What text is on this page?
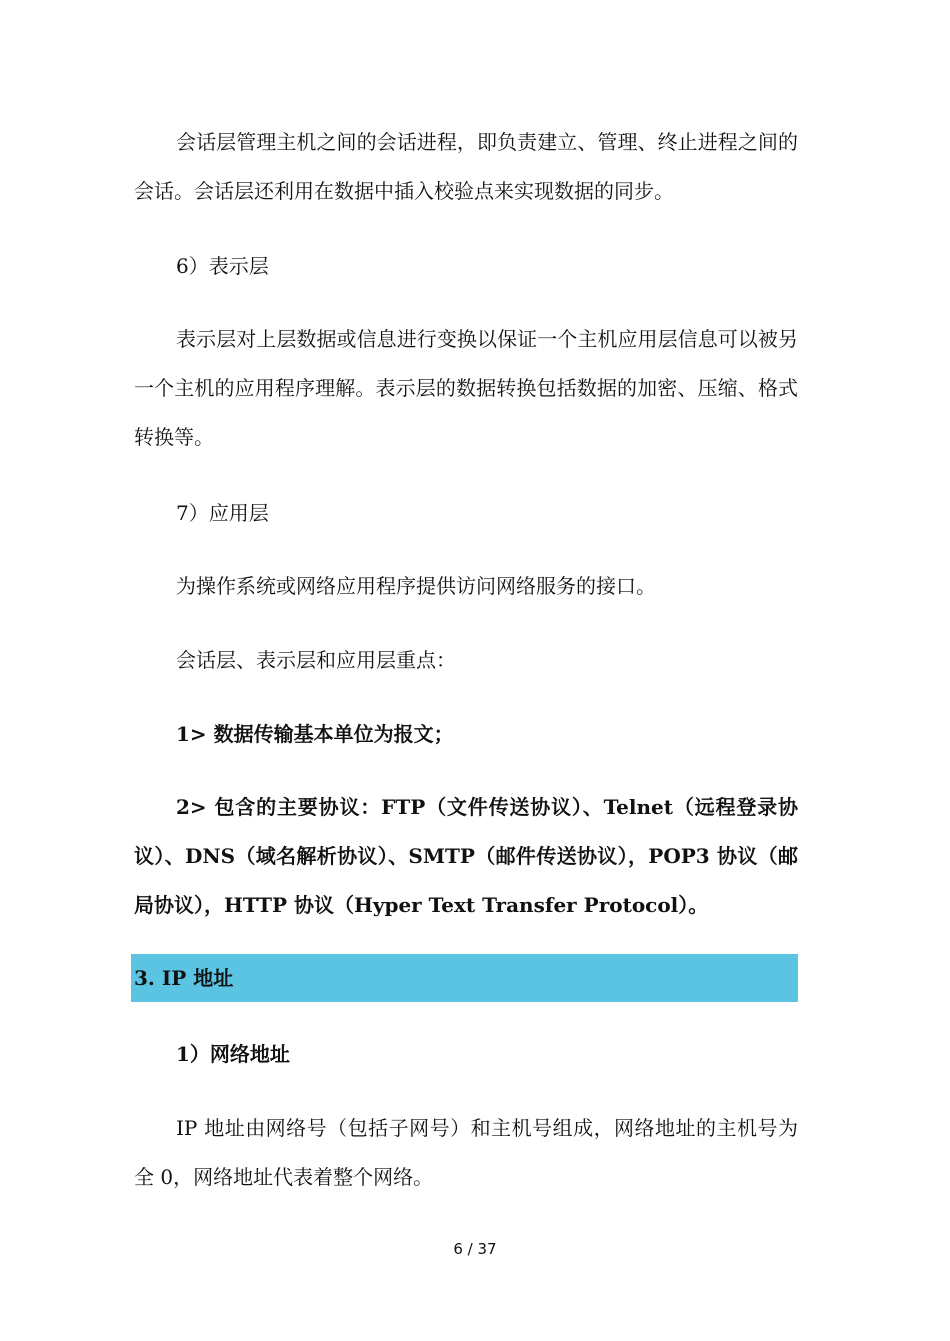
会话层管理主机之间的会话进程，即负责建立、管理、终止进程之间的会话。会话层还利用在数据中插入校验点来实现数据的同步。

6）表示层

表示层对上层数据或信息进行变换以保证一个主机应用层信息可以被另一个主机的应用程序理解。表示层的数据转换包括数据的加密、压缩、格式转换等。

7）应用层

为操作系统或网络应用程序提供访问网络服务的接口。

会话层、表示层和应用层重点：

1> 数据传输基本单位为报文；

2> 包含的主要协议：FTP（文件传送协议）、Telnet（远程登录协议）、DNS（域名解析协议）、SMTP（邮件传送协议），POP3 协议（邮局协议），HTTP 协议（Hyper Text Transfer Protocol）。

3. IP 地址

1）网络地址

IP 地址由网络号（包括子网号）和主机号组成，网络地址的主机号为全 0，网络地址代表着整个网络。

6 / 37
